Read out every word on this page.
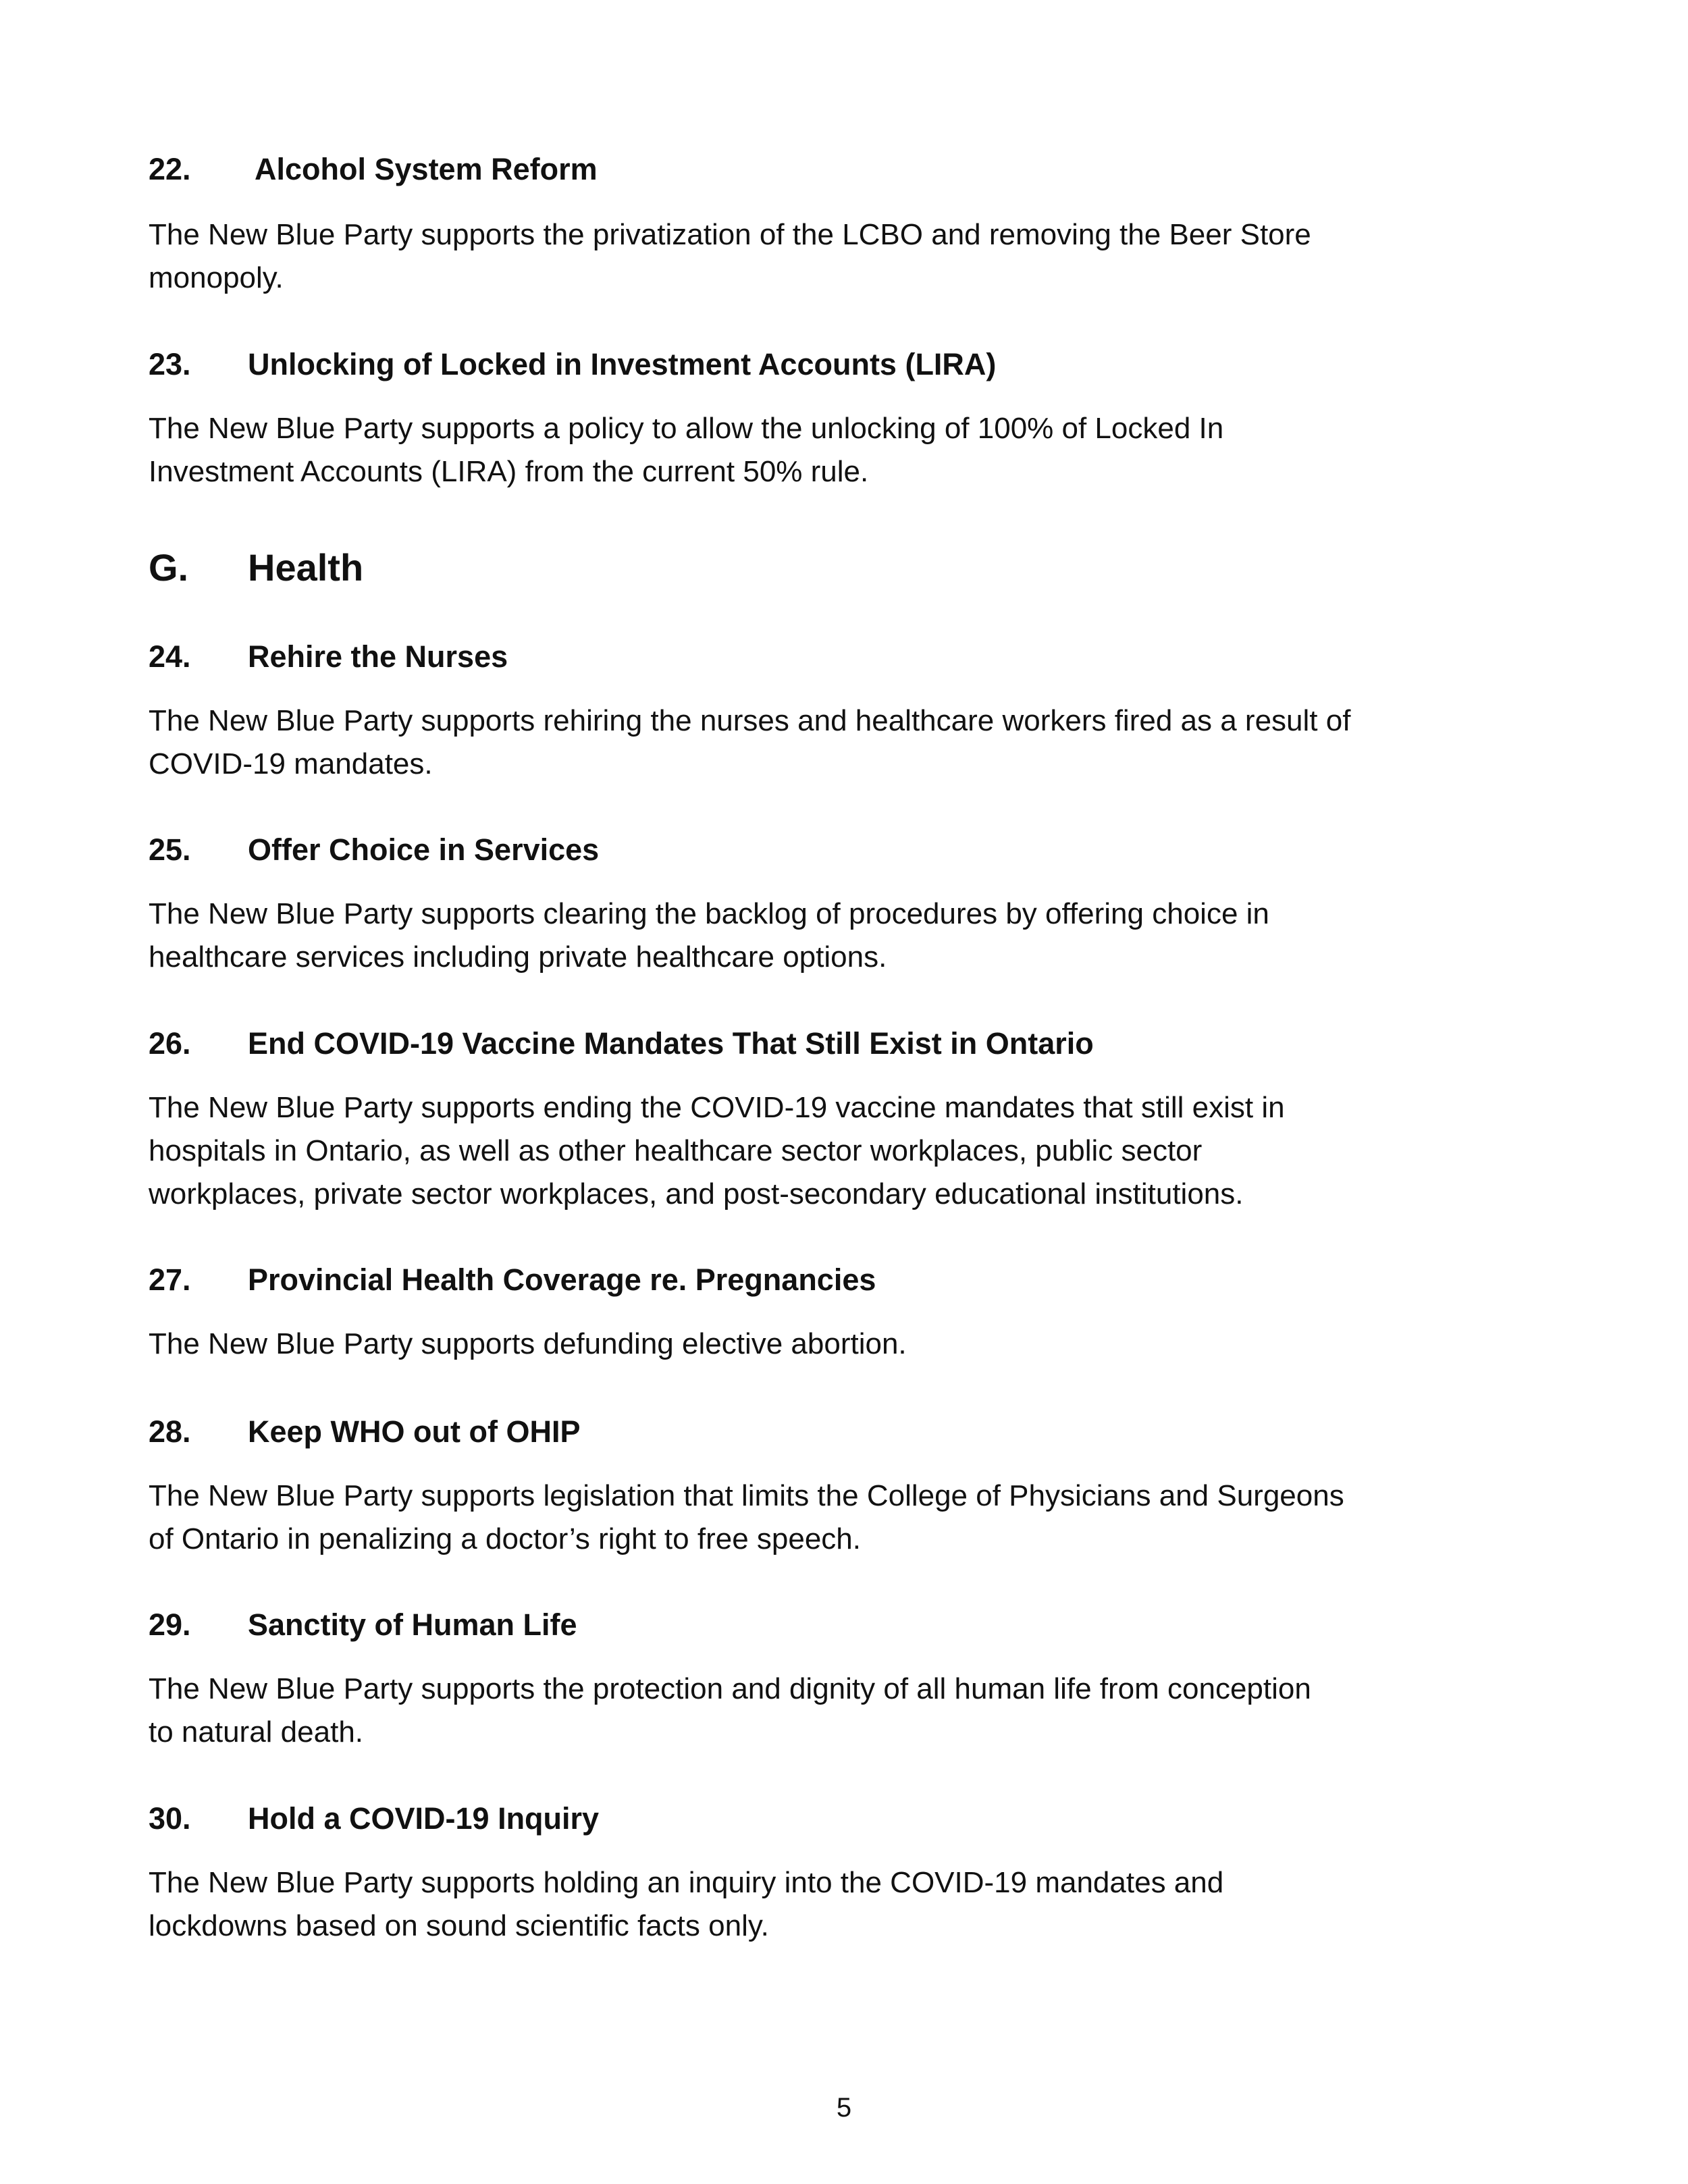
22. Alcohol System Reform
The New Blue Party supports the privatization of the LCBO and removing the Beer Store
monopoly.
23. Unlocking of Locked in Investment Accounts (LIRA)
The New Blue Party supports a policy to allow the unlocking of 100% of Locked In
Investment Accounts (LIRA) from the current 50% rule.
24. Rehire the Nurses
The New Blue Party supports rehiring the nurses and healthcare workers fired as a result of
COVID-19 mandates.
25. Offer Choice in Services
The New Blue Party supports clearing the backlog of procedures by offering choice in
healthcare services including private healthcare options.
26. End COVID-19 Vaccine Mandates That Still Exist in Ontario
The New Blue Party supports ending the COVID-19 vaccine mandates that still exist in
hospitals in Ontario, as well as other healthcare sector workplaces, public sector
workplaces, private sector workplaces, and post-secondary educational institutions.
27. Provincial Health Coverage re. Pregnancies
The New Blue Party supports defunding elective abortion.
28. Keep WHO out of OHIP
The New Blue Party supports legislation that limits the College of Physicians and Surgeons
of Ontario in penalizing a doctor’s right to free speech.
29. Sanctity of Human Life
The New Blue Party supports the protection and dignity of all human life from conception
to natural death.
30. Hold a COVID-19 Inquiry
The New Blue Party supports holding an inquiry into the COVID-19 mandates and
lockdowns based on sound scientific facts only.
G. Health
5
